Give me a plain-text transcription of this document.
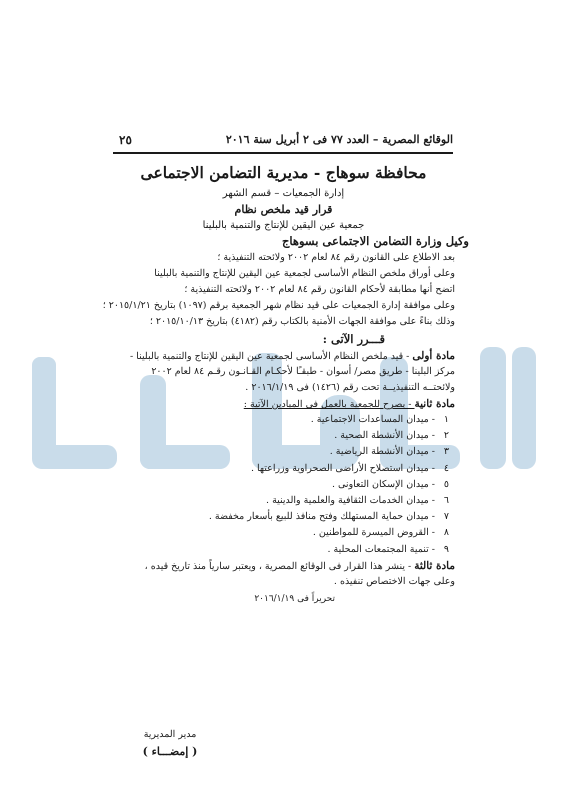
الوقائع المصرية – العدد ٧٧ فى ٢ أبريل سنة ٢٠١٦
٢٥
محافظة سوهاج - مديرية التضامن الاجتماعى
إدارة الجمعيات – قسم الشهر
قرار قيد ملخص نظام
جمعية عين اليقين للإنتاج والتنمية بالبلينا
وكيل وزارة التضامن الاجتماعى بسوهاج
بعد الاطلاع على القانون رقم ٨٤ لعام ٢٠٠٢ ولائحته التنفيذية ؛
وعلى أوراق ملخص النظام الأساسى لجمعية عين اليقين للإنتاج والتنمية بالبلينا
اتضح أنها مطابقة لأحكام القانون رقم ٨٤ لعام ٢٠٠٢ ولائحته التنفيذية ؛
وعلى موافقة إدارة الجمعيات على قيد نظام شهر الجمعية برقم (١٠٩٧) بتاريخ ٢٠١٥/١/٢١ ؛
وذلك بناءً على موافقة الجهات الأمنية بالكتاب رقم (٤١٨٢) بتاريخ ٢٠١٥/١٠/١٣ ؛
قـــرر الآتى :
مادة أولى - قيد ملخص النظام الأساسى لجمعية عين اليقين للإنتاج والتنمية بالبلينا -
مركز البلينا - طريق مصر/ أسوان - طبقـًا لأحكـام القـانـون رقـم ٨٤ لعام ٢٠٠٢
ولائحتــه التنفيذيــة تحت رقم (١٤٢٦) فى ٢٠١٦/١/١٩ .
مادة ثانية - يصرح للجمعية بالعمل فى الميادين الآتية :
١- ميدان المساعدات الاجتماعية .
٢- ميدان الأنشطة الصحية .
٣- ميدان الأنشطة الرياضية .
٤- ميدان استصلاح الأراضى الصحراوية وزراعتها .
٥- ميدان الإسكان التعاونى .
٦- ميدان الخدمات الثقافية والعلمية والدينية .
٧- ميدان حماية المستهلك وفتح منافذ للبيع بأسعار مخفضة .
٨- القروض الميسرة للمواطنين .
٩- تنمية المجتمعات المحلية .
مادة ثالثة - ينشر هذا القرار فى الوقائع المصرية ، ويعتبر سارياً منذ تاريخ قيده ،
وعلى جهات الاختصاص تنفيذه .
تحريراً فى ٢٠١٦/١/١٩
مدير المديرية
( إمضـــاء )
